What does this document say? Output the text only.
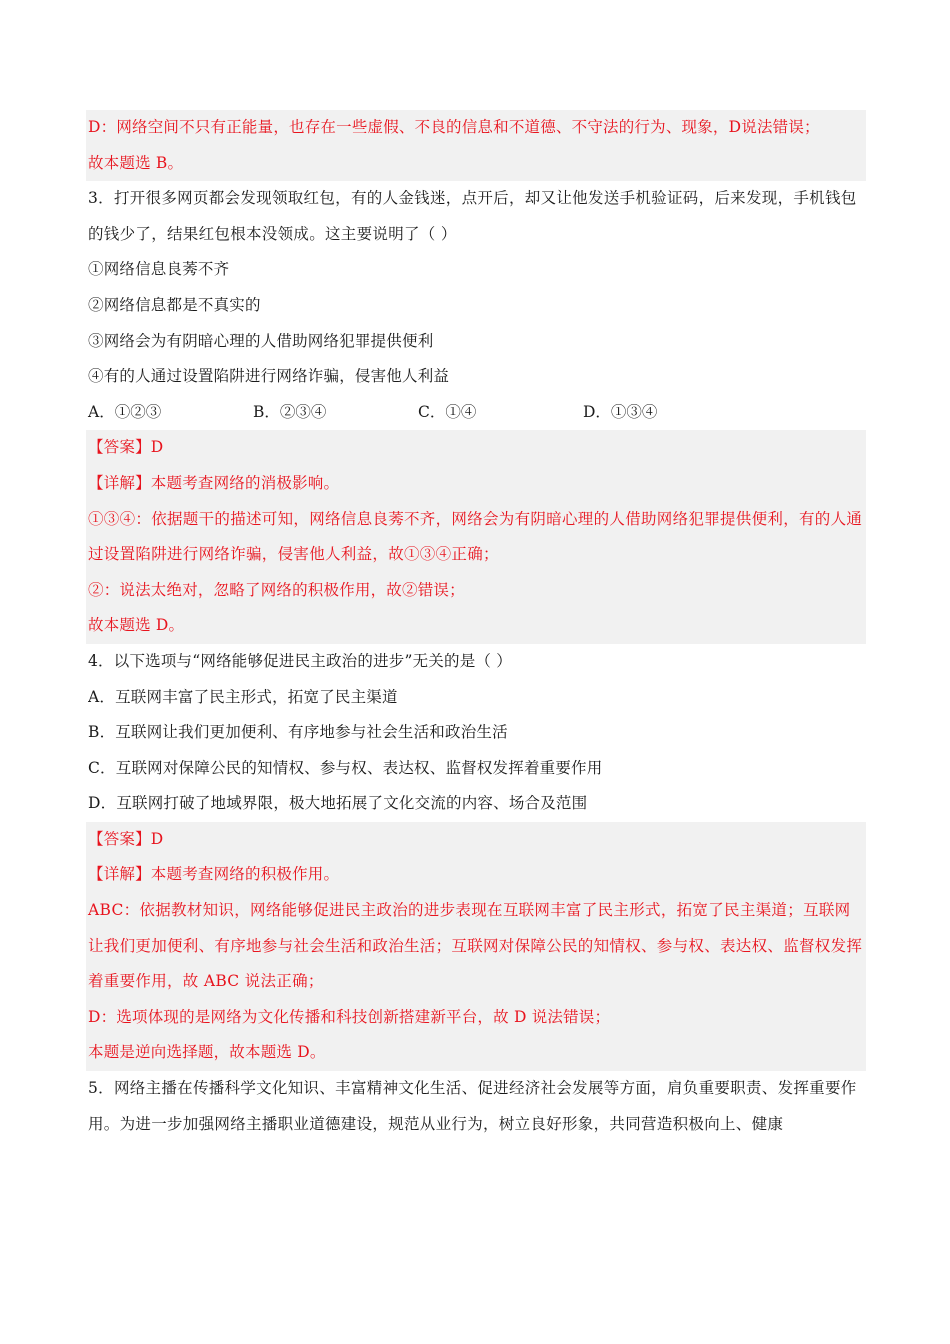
D：网络空间不只有正能量，也存在一些虚假、不良的信息和不道德、不守法的行为、现象，D说法错误；
故本题选 B。
3．打开很多网页都会发现领取红包，有的人金钱迷，点开后，却又让他发送手机验证码，后来发现，手机钱包的钱少了，结果红包根本没领成。这主要说明了（ ）
①网络信息良莠不齐
②网络信息都是不真实的
③网络会为有阴暗心理的人借助网络犯罪提供便利
④有的人通过设置陷阱进行网络诈骗，侵害他人利益
A．①②③	B．②③④	C．①④	D．①③④
【答案】D
【详解】本题考查网络的消极影响。
①③④：依据题干的描述可知，网络信息良莠不齐，网络会为有阴暗心理的人借助网络犯罪提供便利，有的人通过设置陷阱进行网络诈骗，侵害他人利益，故①③④正确；
②：说法太绝对，忽略了网络的积极作用，故②错误；
故本题选 D。
4．以下选项与“网络能够促进民主政治的进步”无关的是（ ）
A．互联网丰富了民主形式，拓宽了民主渠道
B．互联网让我们更加便利、有序地参与社会生活和政治生活
C．互联网对保障公民的知情权、参与权、表达权、监督权发挥着重要作用
D．互联网打破了地域界限，极大地拓展了文化交流的内容、场合及范围
【答案】D
【详解】本题考查网络的积极作用。
ABC：依据教材知识，网络能够促进民主政治的进步表现在互联网丰富了民主形式，拓宽了民主渠道；互联网让我们更加便利、有序地参与社会生活和政治生活；互联网对保障公民的知情权、参与权、表达权、监督权发挥着重要作用，故 ABC 说法正确；
D：选项体现的是网络为文化传播和科技创新搭建新平台，故 D 说法错误；
本题是逆向选择题，故本题选 D。
5．网络主播在传播科学文化知识、丰富精神文化生活、促进经济社会发展等方面，肩负重要职责、发挥重要作用。为进一步加强网络主播职业道德建设，规范从业行为，树立良好形象，共同营造积极向上、健康
